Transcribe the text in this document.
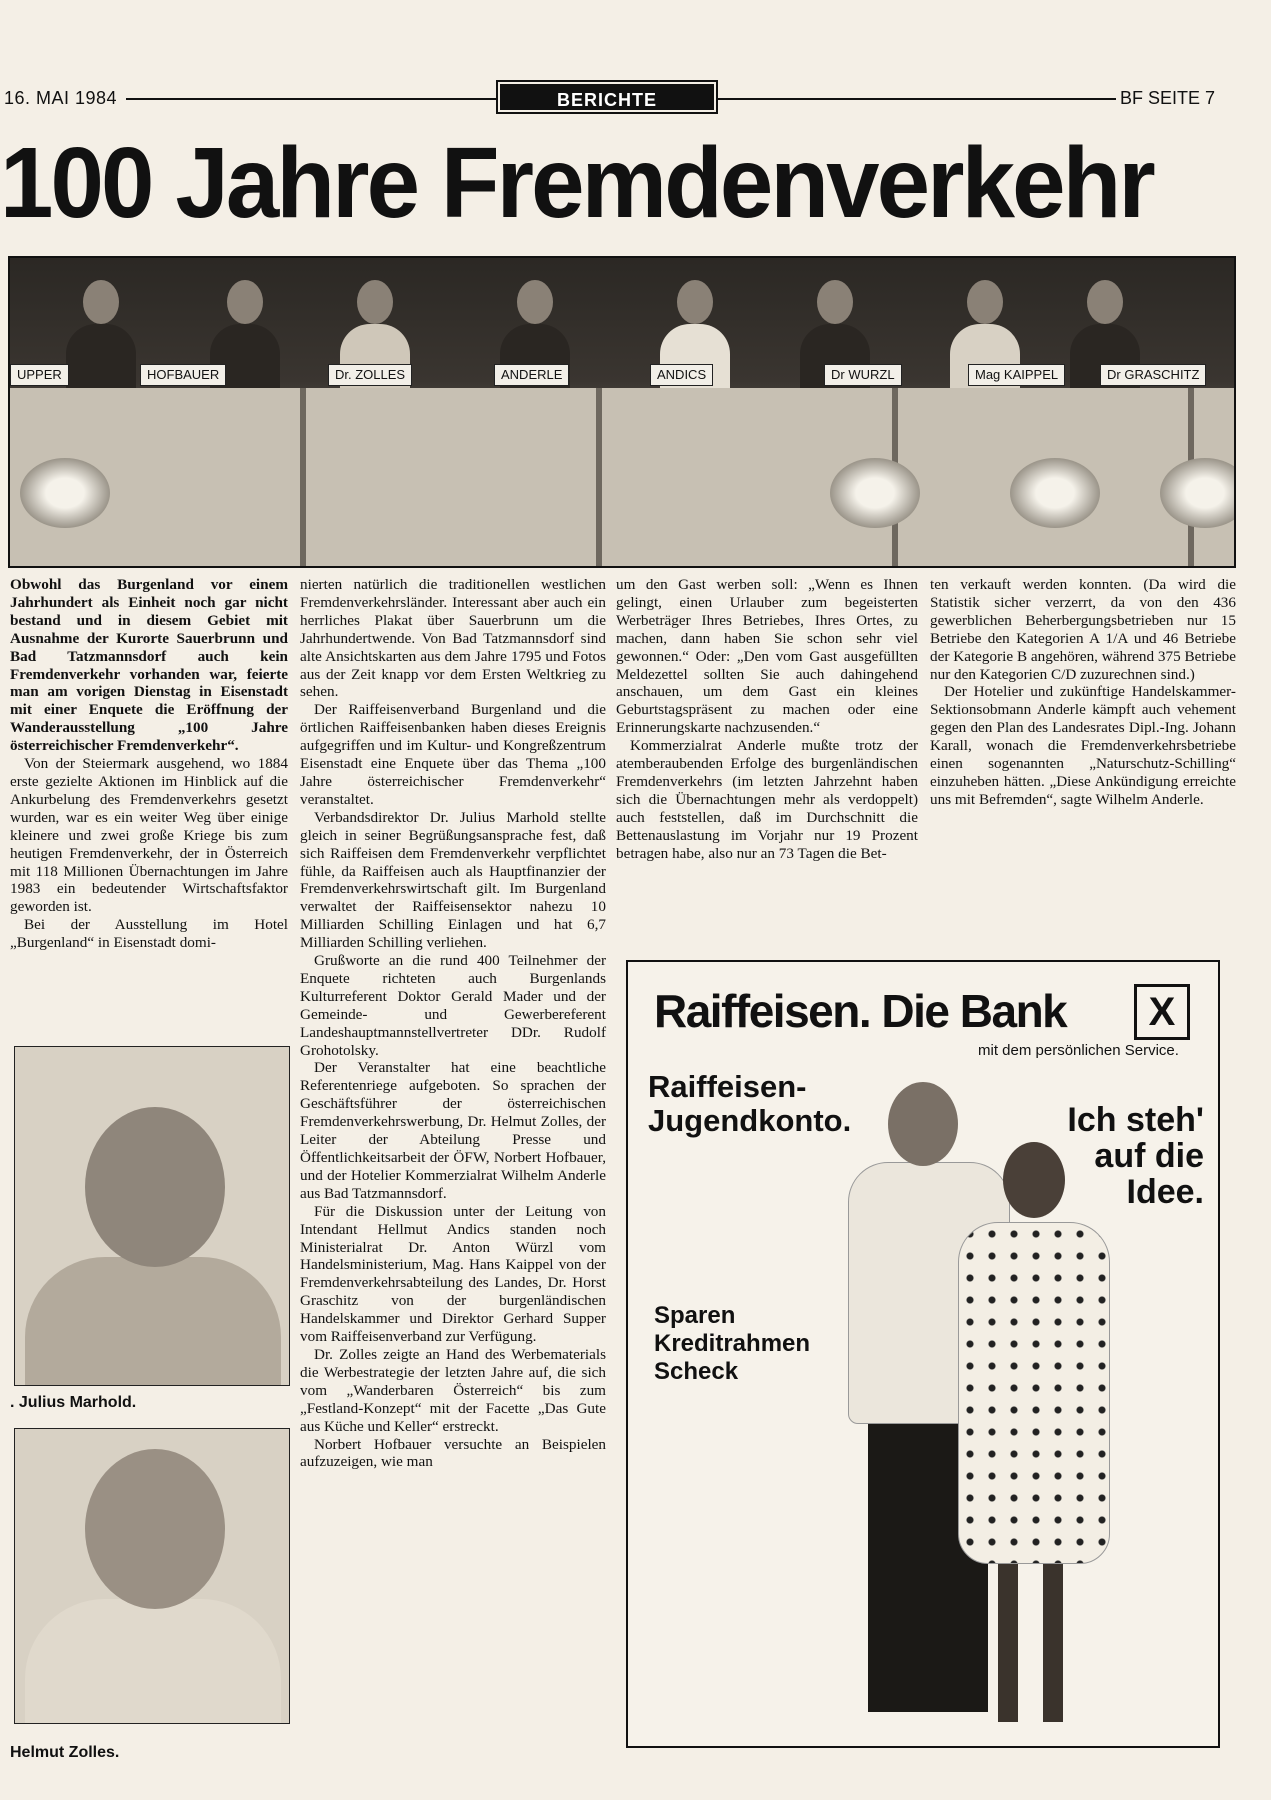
16. MAI 1984	BERICHTE	BF SEITE 7
100 Jahre Fremdenverkehr
UPPER	HOFBAUER	Dr. ZOLLES	ANDERLE	ANDICS	Dr WURZL	Mag KAIPPEL	Dr GRASCHITZ

Obwohl das Burgenland vor einem Jahrhundert als Einheit noch gar nicht bestand und in diesem Gebiet mit Ausnahme der Kurorte Sauerbrunn und Bad Tatzmannsdorf auch kein Fremdenverkehr vorhanden war, feierte man am vorigen Dienstag in Eisenstadt mit einer Enquete die Eröffnung der Wanderausstellung „100 Jahre österreichischer Fremdenverkehr“.

Von der Steiermark ausgehend, wo 1884 erste gezielte Aktionen im Hinblick auf die Ankurbelung des Fremdenverkehrs gesetzt wurden, war es ein weiter Weg über einige kleinere und zwei große Kriege bis zum heutigen Fremdenverkehr, der in Österreich mit 118 Millionen Übernachtungen im Jahre 1983 ein bedeutender Wirtschaftsfaktor geworden ist.

Bei der Ausstellung im Hotel „Burgenland“ in Eisenstadt domi-

. Julius Marhold.
Helmut Zolles.

nierten natürlich die traditionellen westlichen Fremdenverkehrsländer. Interessant aber auch ein herrliches Plakat über Sauerbrunn um die Jahrhundertwende. Von Bad Tatzmannsdorf sind alte Ansichtskarten aus dem Jahre 1795 und Fotos aus der Zeit knapp vor dem Ersten Weltkrieg zu sehen.

Der Raiffeisenverband Burgenland und die örtlichen Raiffeisenbanken haben dieses Ereignis aufgegriffen und im Kultur- und Kongreßzentrum Eisenstadt eine Enquete über das Thema „100 Jahre österreichischer Fremdenverkehr“ veranstaltet.

Verbandsdirektor Dr. Julius Marhold stellte gleich in seiner Begrüßungsansprache fest, daß sich Raiffeisen dem Fremdenverkehr verpflichtet fühle, da Raiffeisen auch als Hauptfinanzier der Fremdenverkehrswirtschaft gilt. Im Burgenland verwaltet der Raiffeisensektor nahezu 10 Milliarden Schilling Einlagen und hat 6,7 Milliarden Schilling verliehen.

Grußworte an die rund 400 Teilnehmer der Enquete richteten auch Burgenlands Kulturreferent Doktor Gerald Mader und der Gemeinde- und Gewerbereferent Landeshauptmannstellvertreter DDr. Rudolf Grohotolsky.

Der Veranstalter hat eine beachtliche Referentenriege aufgeboten. So sprachen der Geschäftsführer der österreichischen Fremdenverkehrswerbung, Dr. Helmut Zolles, der Leiter der Abteilung Presse und Öffentlichkeitsarbeit der ÖFW, Norbert Hofbauer, und der Hotelier Kommerzialrat Wilhelm Anderle aus Bad Tatzmannsdorf.

Für die Diskussion unter der Leitung von Intendant Hellmut Andics standen noch Ministerialrat Dr. Anton Würzl vom Handelsministerium, Mag. Hans Kaippel von der Fremdenverkehrsabteilung des Landes, Dr. Horst Graschitz von der burgenländischen Handelskammer und Direktor Gerhard Supper vom Raiffeisenverband zur Verfügung.

Dr. Zolles zeigte an Hand des Werbematerials die Werbestrategie der letzten Jahre auf, die sich vom „Wanderbaren Österreich“ bis zum „Festland-Konzept“ mit der Facette „Das Gute aus Küche und Keller“ erstreckt.

Norbert Hofbauer versuchte an Beispielen aufzuzeigen, wie man

um den Gast werben soll: „Wenn es Ihnen gelingt, einen Urlauber zum begeisterten Werbeträger Ihres Betriebes, Ihres Ortes, zu machen, dann haben Sie schon sehr viel gewonnen.“ Oder: „Den vom Gast ausgefüllten Meldezettel sollten Sie auch dahingehend anschauen, um dem Gast ein kleines Geburtstagspräsent zu machen oder eine Erinnerungskarte nachzusenden.“

Kommerzialrat Anderle mußte trotz der atemberaubenden Erfolge des burgenländischen Fremdenverkehrs (im letzten Jahrzehnt haben sich die Übernachtungen mehr als verdoppelt) auch feststellen, daß im Durchschnitt die Bettenauslastung im Vorjahr nur 19 Prozent betragen habe, also nur an 73 Tagen die Bet-

ten verkauft werden konnten. (Da wird die Statistik sicher verzerrt, da von den 436 gewerblichen Beherbergungsbetrieben nur 15 Betriebe den Kategorien A 1/A und 46 Betriebe der Kategorie B angehören, während 375 Betriebe nur den Kategorien C/D zuzurechnen sind.)

Der Hotelier und zukünftige Handelskammer-Sektionsobmann Anderle kämpft auch vehement gegen den Plan des Landesrates Dipl.-Ing. Johann Karall, wonach die Fremdenverkehrsbetriebe einen sogenannten „Naturschutz-Schilling“ einzuheben hätten. „Diese Ankündigung erreichte uns mit Befremden“, sagte Wilhelm Anderle.

Raiffeisen. Die Bank	X
mit dem persönlichen Service.
Raiffeisen-
Jugendkonto.	Ich steh'
auf die
Idee.
Sparen
Kreditrahmen
Scheck
